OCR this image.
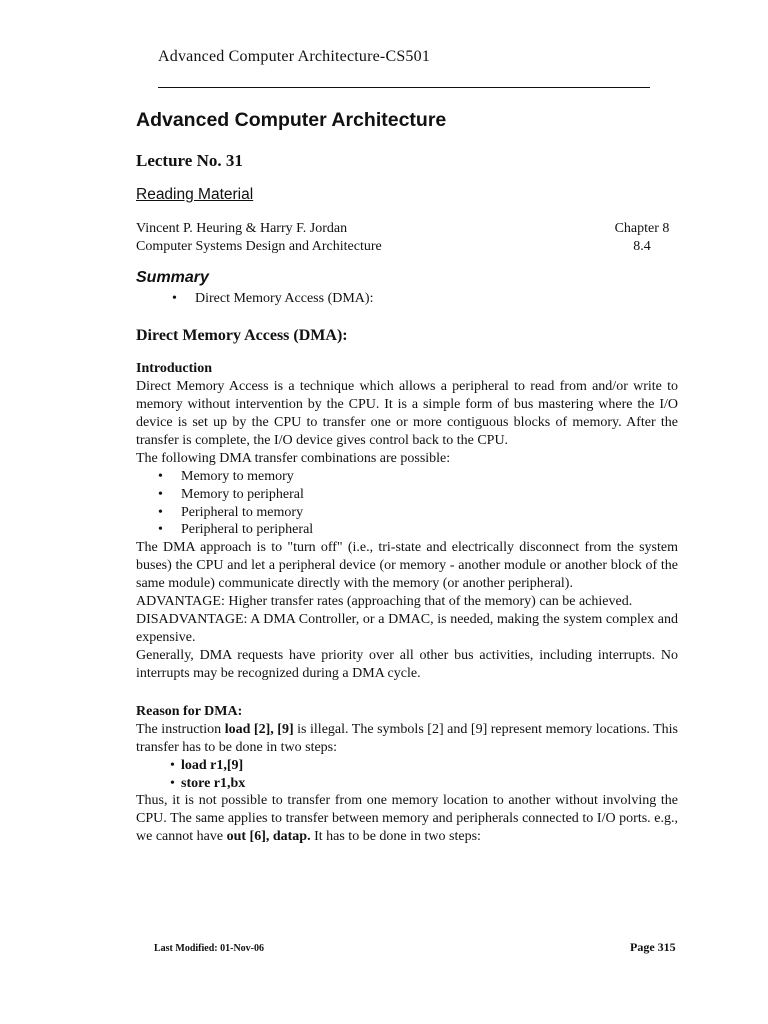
Advanced Computer Architecture-CS501
Advanced Computer Architecture
Lecture No. 31
Reading Material
Vincent P. Heuring & Harry F. Jordan	Chapter 8
Computer Systems Design and Architecture	8.4
Summary
• Direct Memory Access (DMA):
Direct Memory Access (DMA):
Introduction

Direct Memory Access is a technique which allows a peripheral to read from and/or write to memory without intervention by the CPU. It is a simple form of bus mastering where the I/O device is set up by the CPU to transfer one or more contiguous blocks of memory. After the transfer is complete, the I/O device gives control back to the CPU.

The following DMA transfer combinations are possible:

• Memory to memory
• Memory to peripheral
• Peripheral to memory
• Peripheral to peripheral

The DMA approach is to "turn off" (i.e., tri-state and electrically disconnect from the system buses) the CPU and let a peripheral device (or memory - another module or another block of the same module) communicate directly with the memory (or another peripheral).

ADVANTAGE: Higher transfer rates (approaching that of the memory) can be achieved.

DISADVANTAGE: A DMA Controller, or a DMAC, is needed, making the system complex and expensive.

Generally, DMA requests have priority over all other bus activities, including interrupts. No interrupts may be recognized during a DMA cycle.

Reason for DMA:

The instruction load [2], [9] is illegal. The symbols [2] and [9] represent memory locations. This transfer has to be done in two steps:

• load r1,[9]
• store r1,bx

Thus, it is not possible to transfer from one memory location to another without involving the CPU. The same applies to transfer between memory and peripherals connected to I/O ports. e.g., we cannot have out [6], datap. It has to be done in two steps:

Last Modified: 01-Nov-06	Page 315
